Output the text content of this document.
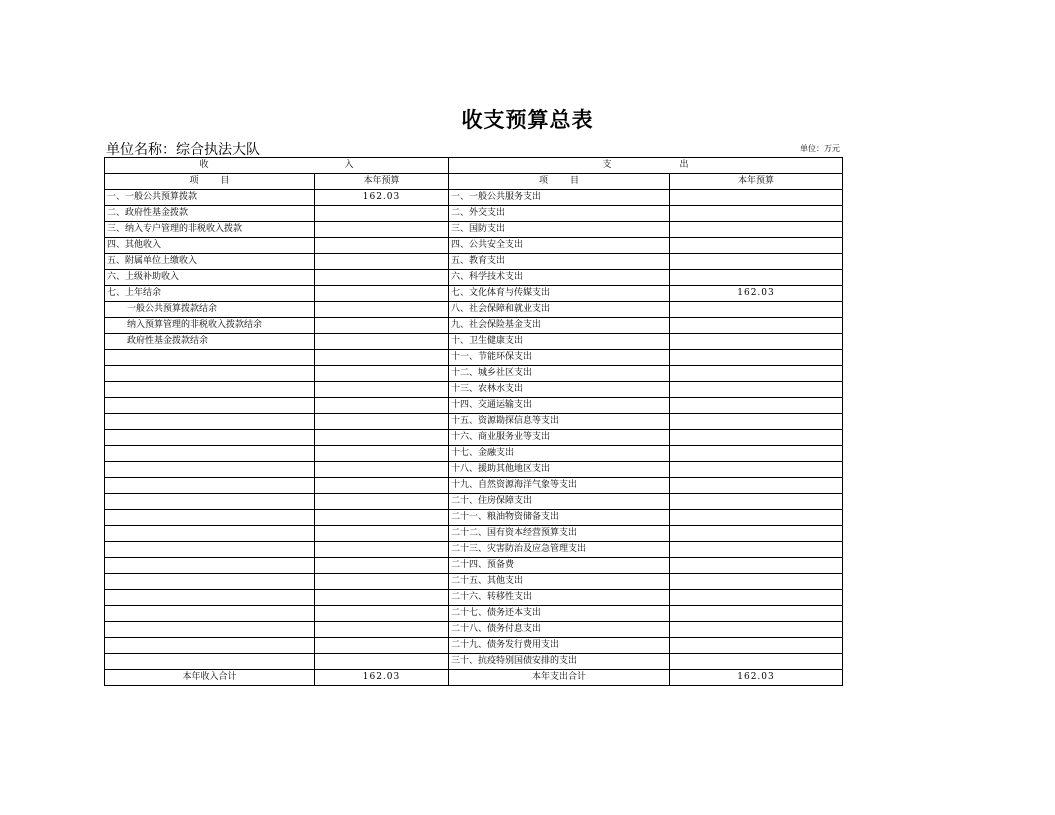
收支预算总表
单位名称：综合执法大队	单位：万元
收 入		支 出	
项 目	本年预算	项 目	本年预算
一、一般公共预算拨款	162.03	一、一般公共服务支出	
二、政府性基金拨款		二、外交支出	
三、纳入专户管理的非税收入拨款		三、国防支出	
四、其他收入		四、公共安全支出	
五、附属单位上缴收入		五、教育支出	
六、上级补助收入		六、科学技术支出	
七、上年结余		七、文化体育与传媒支出	162.03
一般公共预算拨款结余		八、社会保障和就业支出	
纳入预算管理的非税收入拨款结余		九、社会保险基金支出	
政府性基金拨款结余		十、卫生健康支出	
		十一、节能环保支出	
		十二、城乡社区支出	
		十三、农林水支出	
		十四、交通运输支出	
		十五、资源勘探信息等支出	
		十六、商业服务业等支出	
		十七、金融支出	
		十八、援助其他地区支出	
		十九、自然资源海洋气象等支出	
		二十、住房保障支出	
		二十一、粮油物资储备支出	
		二十二、国有资本经营预算支出	
		二十三、灾害防治及应急管理支出	
		二十四、预备费	
		二十五、其他支出	
		二十六、转移性支出	
		二十七、债务还本支出	
		二十八、债务付息支出	
		二十九、债务发行费用支出	
		三十、抗疫特别国债安排的支出	
本年收入合计	162.03	本年支出合计	162.03
